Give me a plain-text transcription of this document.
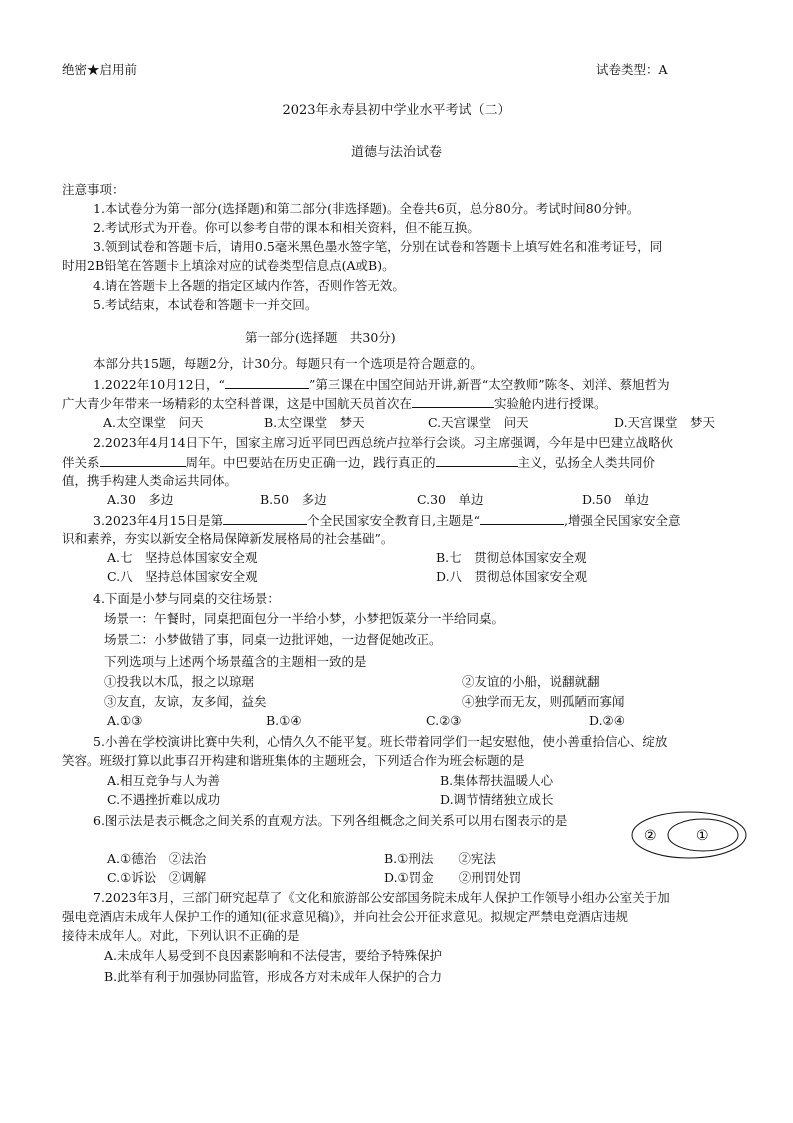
绝密★启用前	试卷类型：A
2023年永寿县初中学业水平考试（二）
道德与法治试卷
注意事项：
1.本试卷分为第一部分(选择题)和第二部分(非选择题)。全卷共6页，总分80分。考试时间80分钟。
2.考试形式为开卷。你可以参考自带的课本和相关资料，但不能互换。
3.领到试卷和答题卡后，请用0.5毫米黑色墨水签字笔，分别在试卷和答题卡上填写姓名和准考证号，同
时用2B铅笔在答题卡上填涂对应的试卷类型信息点(A或B)。
4.请在答题卡上各题的指定区域内作答，否则作答无效。
5.考试结束，本试卷和答题卡一并交回。
第一部分(选择题　共30分)
本部分共15题，每题2分，计30分。每题只有一个选项是符合题意的。
1.2022年10月12日，“	”第三课在中国空间站开讲,新晋“太空教师”陈冬、刘洋、蔡旭哲为
广大青少年带来一场精彩的太空科普课，这是中国航天员首次在	实验舱内进行授课。
A.太空课堂　问天	B.太空课堂　梦天	C.天宫课堂　问天	D.天宫课堂　梦天
2.2023年4月14日下午，国家主席习近平同巴西总统卢拉举行会谈。习主席强调，今年是中巴建立战略伙
伴关系	周年。中巴要站在历史正确一边，践行真正的	主义，弘扬全人类共同价
值，携手构建人类命运共同体。
A.30　多边	B.50　多边	C.30　单边	D.50　单边
3.2023年4月15日是第	个全民国家安全教育日,主题是“	,增强全民国家安全意
识和素养，夯实以新安全格局保障新发展格局的社会基础”。
A.七　坚持总体国家安全观	B.七　贯彻总体国家安全观
C.八　坚持总体国家安全观	D.八　贯彻总体国家安全观
4.下面是小梦与同桌的交往场景：
场景一：午餐时，同桌把面包分一半给小梦，小梦把饭菜分一半给同桌。
场景二：小梦做错了事，同桌一边批评她，一边督促她改正。
下列选项与上述两个场景蕴含的主题相一致的是
①投我以木瓜，报之以琼琚	②友谊的小船，说翻就翻
③友直，友谅，友多闻，益矣	④独学而无友，则孤陋而寡闻
A.①③	B.①④	C.②③	D.②④
5.小善在学校演讲比赛中失利，心情久久不能平复。班长带着同学们一起安慰他，使小善重拾信心、绽放
笑容。班级打算以此事召开构建和谐班集体的主题班会，下列适合作为班会标题的是
A.相互竞争与人为善	B.集体帮扶温暖人心
C.不遇挫折难以成功	D.调节情绪独立成长
6.图示法是表示概念之间关系的直观方法。下列各组概念之间关系可以用右图表示的是
A.①德治　②法治	B.①刑法　　②宪法
C.①诉讼　②调解	D.①罚金　　②刑罚处罚
②	①
7.2023年3月，三部门研究起草了《文化和旅游部公安部国务院未成年人保护工作领导小组办公室关于加
强电竞酒店未成年人保护工作的通知(征求意见稿)》，并向社会公开征求意见。拟规定严禁电竞酒店违规
接待未成年人。对此，下列认识不正确的是
A.未成年人易受到不良因素影响和不法侵害，要给予特殊保护
B.此举有利于加强协同监管，形成各方对未成年人保护的合力
